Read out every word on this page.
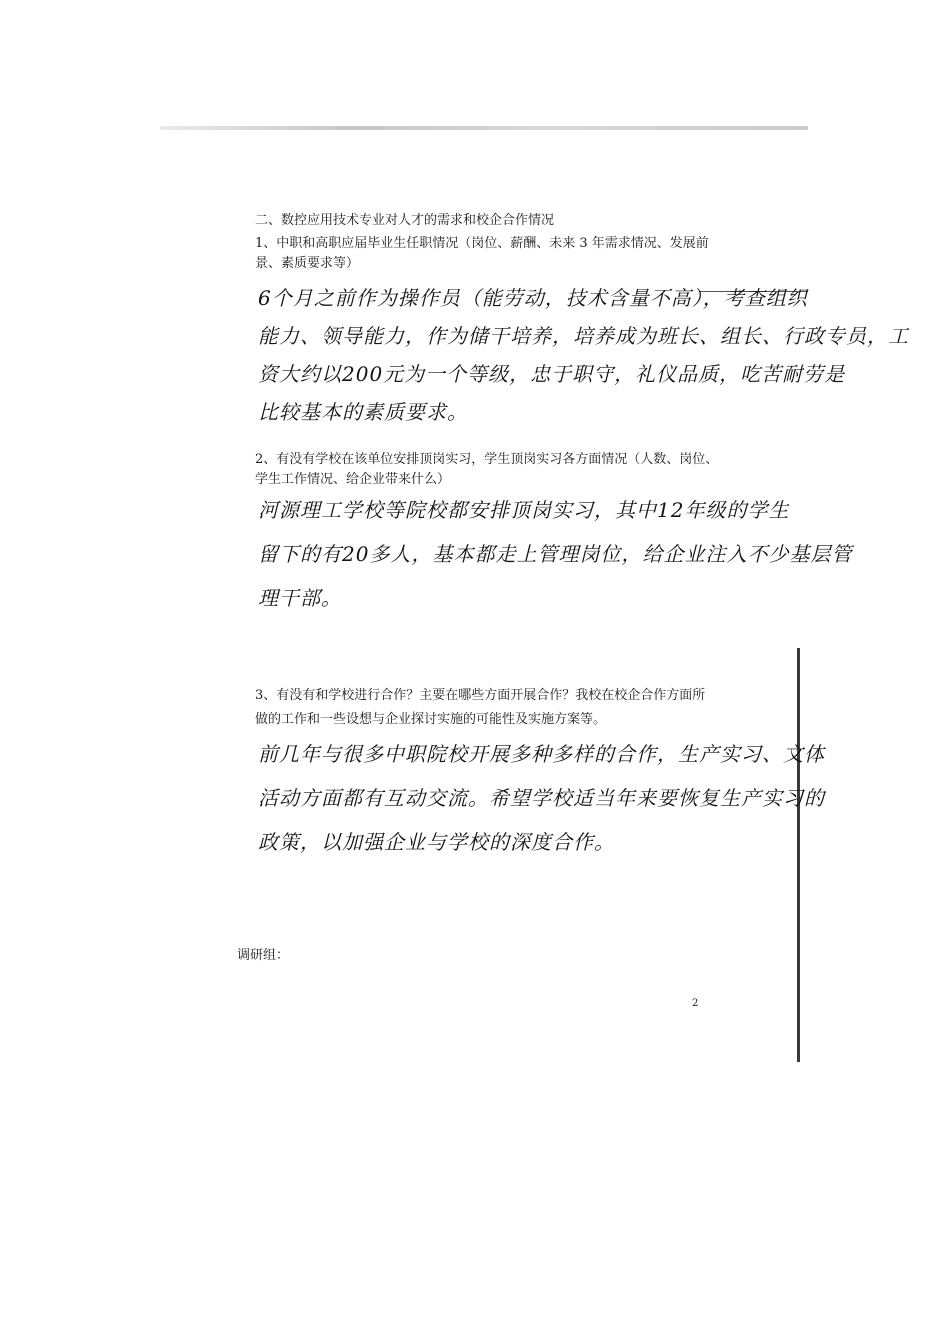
二、数控应用技术专业对人才的需求和校企合作情况
1、中职和高职应届毕业生任职情况（岗位、薪酬、未来 3 年需求情况、发展前
景、素质要求等）
6个月之前作为操作员（能劳动，技术含量不高），考查组织
能力、领导能力，作为储干培养，培养成为班长、组长、行政专员，工
资大约以200元为一个等级，忠于职守，礼仪品质，吃苦耐劳是
比较基本的素质要求。
2、有没有学校在该单位安排顶岗实习，学生顶岗实习各方面情况（人数、岗位、
学生工作情况、给企业带来什么）
河源理工学校等院校都安排顶岗实习，其中12年级的学生
留下的有20多人，基本都走上管理岗位，给企业注入不少基层管
理干部。
3、有没有和学校进行合作？主要在哪些方面开展合作？我校在校企合作方面所
做的工作和一些设想与企业探讨实施的可能性及实施方案等。
前几年与很多中职院校开展多种多样的合作，生产实习、文体
活动方面都有互动交流。希望学校适当年来要恢复生产实习的
政策，以加强企业与学校的深度合作。
调研组：
2
